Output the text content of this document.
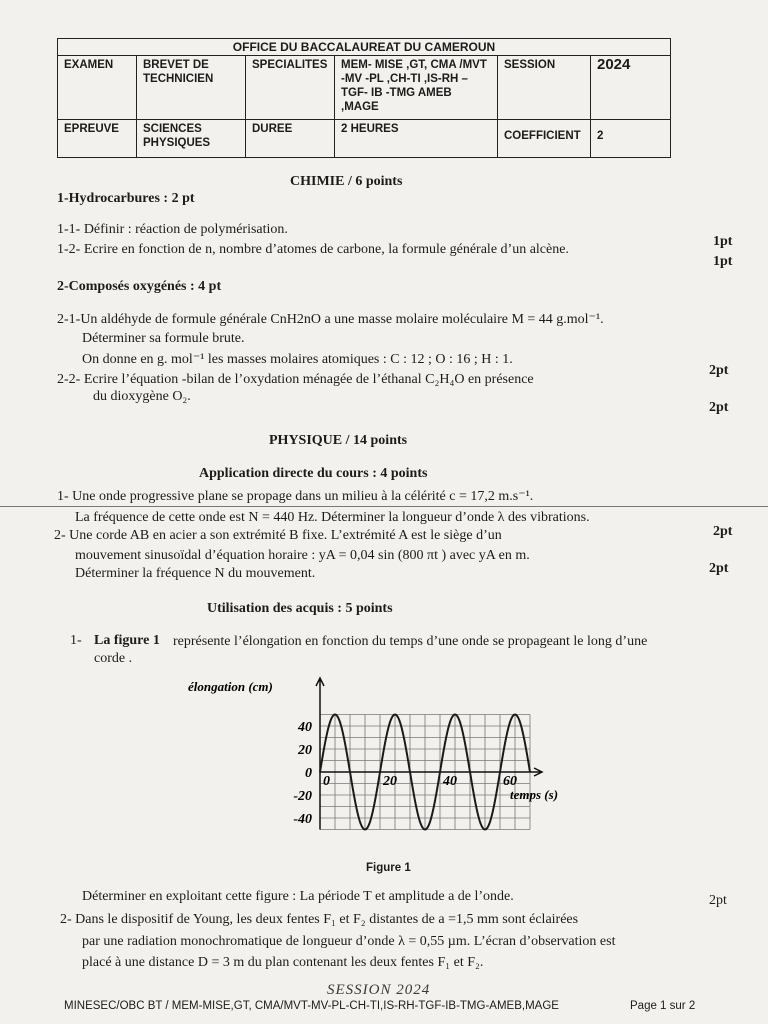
OFFICE DU BACCALAUREAT DU CAMEROUN					
EXAMEN	BREVET DE TECHNICIEN	SPECIALITES	MEM- MISE ,GT, CMA /MVT -MV -PL ,CH-TI ,IS-RH –TGF- IB -TMG AMEB ,MAGE	SESSION	2024
EPREUVE	SCIENCES PHYSIQUES	DUREE	2 HEURES	COEFFICIENT	2
CHIMIE / 6 points
1-Hydrocarbures : 2 pt
1-1- Définir : réaction de polymérisation.
1pt
1-2- Ecrire en fonction de n, nombre d’atomes de carbone, la formule générale d’un alcène.
1pt
2-Composés oxygénés : 4 pt
2-1-Un aldéhyde de formule générale CnH2nO a une masse molaire moléculaire M = 44 g.mol⁻¹.
Déterminer sa formule brute.
On donne en g. mol⁻¹ les masses molaires atomiques : C : 12 ; O : 16 ; H : 1.
2pt
2-2- Ecrire l’équation -bilan de l’oxydation ménagée de l’éthanal C₂H₄O en présence
du dioxygène O₂.
2pt
PHYSIQUE / 14 points
Application directe du cours : 4 points
1- Une onde progressive plane se propage dans un milieu à la célérité c = 17,2 m.s⁻¹.
La fréquence de cette onde est N = 440 Hz. Déterminer la longueur d’onde λ des vibrations.
2pt
2- Une corde AB en acier a son extrémité B fixe. L’extrémité A est le siège d’un
mouvement sinusoïdal d’équation horaire : yA = 0,04 sin (800 πt ) avec yA en m.
Déterminer la fréquence N du mouvement.	2pt
Utilisation des acquis : 5 points
1- La figure 1 représente l’élongation en fonction du temps d’une onde se propageant le long d’une
corde .
élongation (cm)
temps (s)
40
20
0
-20
-40
0	20	40	60
Figure 1
Déterminer en exploitant cette figure : La période T et amplitude a de l’onde.	2pt
2- Dans le dispositif de Young, les deux fentes F₁ et F₂ distantes de a =1,5 mm sont éclairées
par une radiation monochromatique de longueur d’onde λ = 0,55 µm. L’écran d’observation est
placé à une distance D = 3 m du plan contenant les deux fentes F₁ et F₂.
SESSION 2024
MINESEC/OBC BT / MEM-MISE,GT, CMA/MVT-MV-PL-CH-TI,IS-RH-TGF-IB-TMG-AMEB,MAGE	Page 1 sur 2
